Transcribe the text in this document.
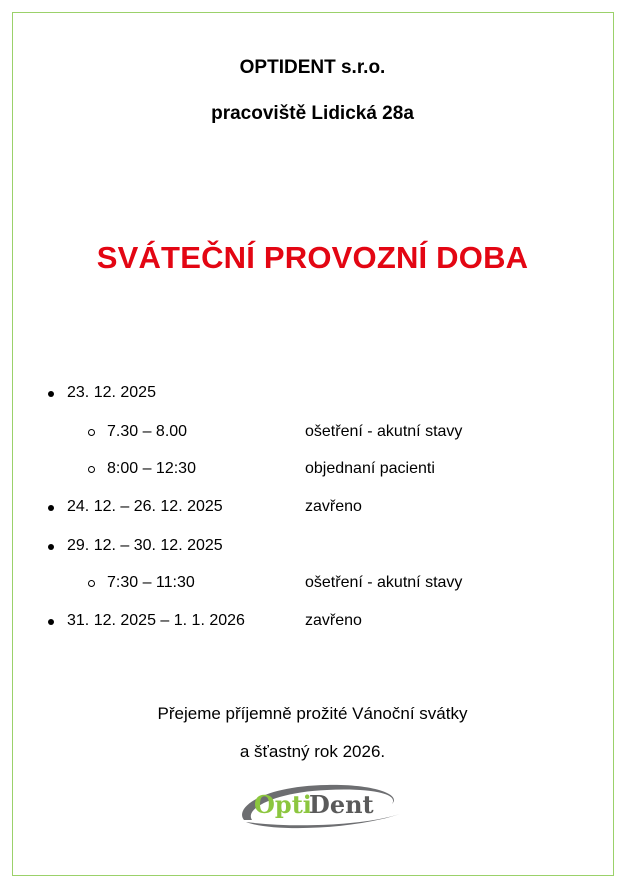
OPTIDENT s.r.o.
pracoviště Lidická 28a
SVÁTEČNÍ PROVOZNÍ DOBA
23. 12. 2025
7.30 – 8.00	ošetření - akutní stavy
8:00 – 12:30	objednaní pacienti
24. 12. – 26. 12. 2025	zavřeno
29. 12. – 30. 12. 2025
7:30 – 11:30	ošetření - akutní stavy
31. 12. 2025 – 1. 1. 2026	zavřeno
Přejeme příjemně prožité Vánoční svátky
a šťastný rok 2026.
Opti
Dent
